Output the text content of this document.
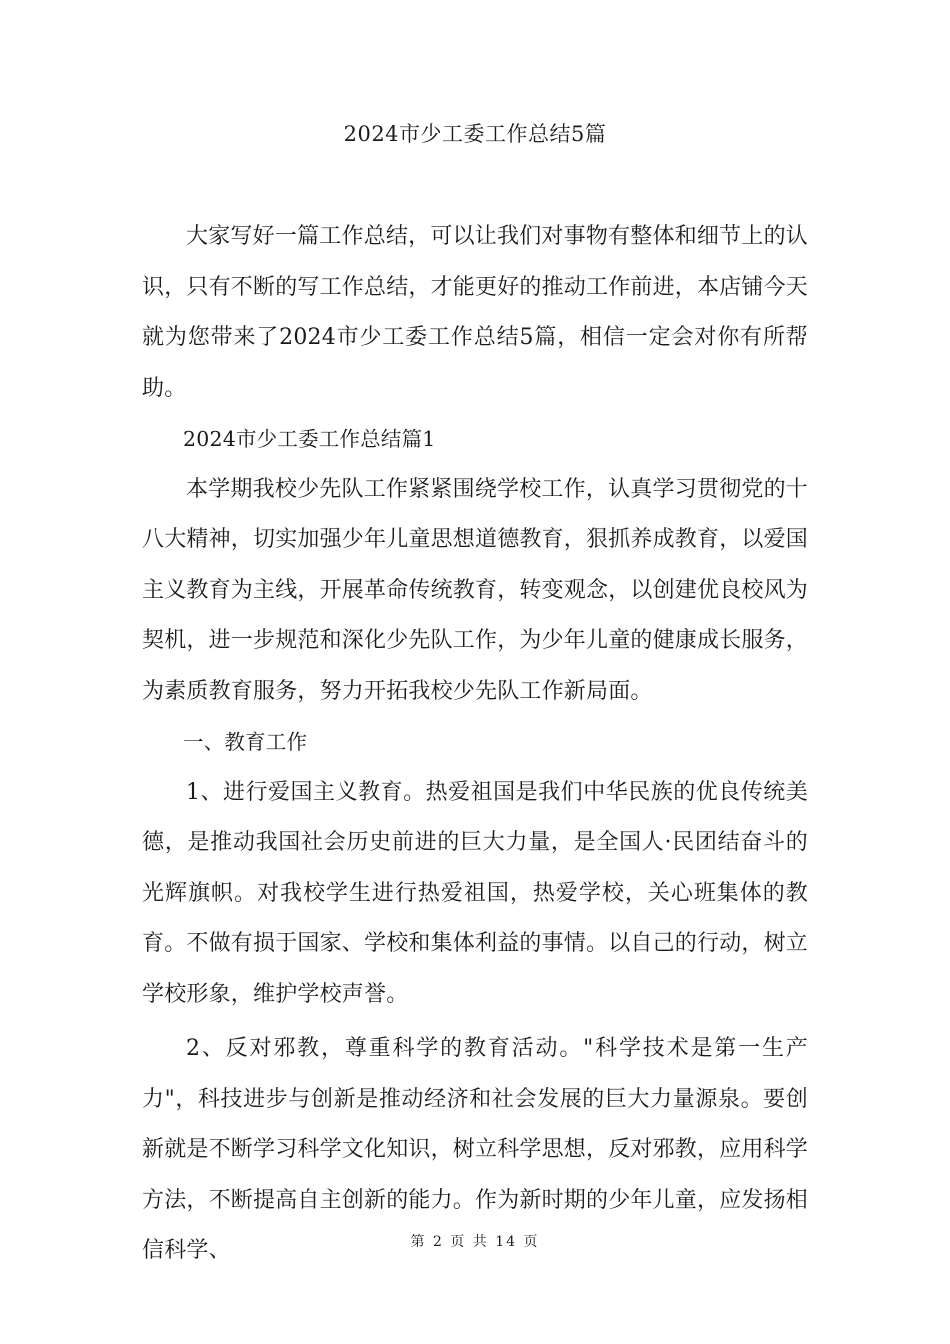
2024市少工委工作总结5篇

大家写好一篇工作总结，可以让我们对事物有整体和细节上的认识，只有不断的写工作总结，才能更好的推动工作前进，本店铺今天就为您带来了2024市少工委工作总结5篇，相信一定会对你有所帮助。

2024市少工委工作总结篇1

本学期我校少先队工作紧紧围绕学校工作，认真学习贯彻党的十八大精神，切实加强少年儿童思想道德教育，狠抓养成教育，以爱国主义教育为主线，开展革命传统教育，转变观念，以创建优良校风为契机，进一步规范和深化少先队工作，为少年儿童的健康成长服务，为素质教育服务，努力开拓我校少先队工作新局面。

一、教育工作

1、进行爱国主义教育。热爱祖国是我们中华民族的优良传统美德，是推动我国社会历史前进的巨大力量，是全国人·民团结奋斗的光辉旗帜。对我校学生进行热爱祖国，热爱学校，关心班集体的教育。不做有损于国家、学校和集体利益的事情。以自己的行动，树立学校形象，维护学校声誉。

2、反对邪教，尊重科学的教育活动。"科学技术是第一生产力"，科技进步与创新是推动经济和社会发展的巨大力量源泉。要创新就是不断学习科学文化知识，树立科学思想，反对邪教，应用科学方法，不断提高自主创新的能力。作为新时期的少年儿童，应发扬相信科学、	第 2 页 共 14 页
